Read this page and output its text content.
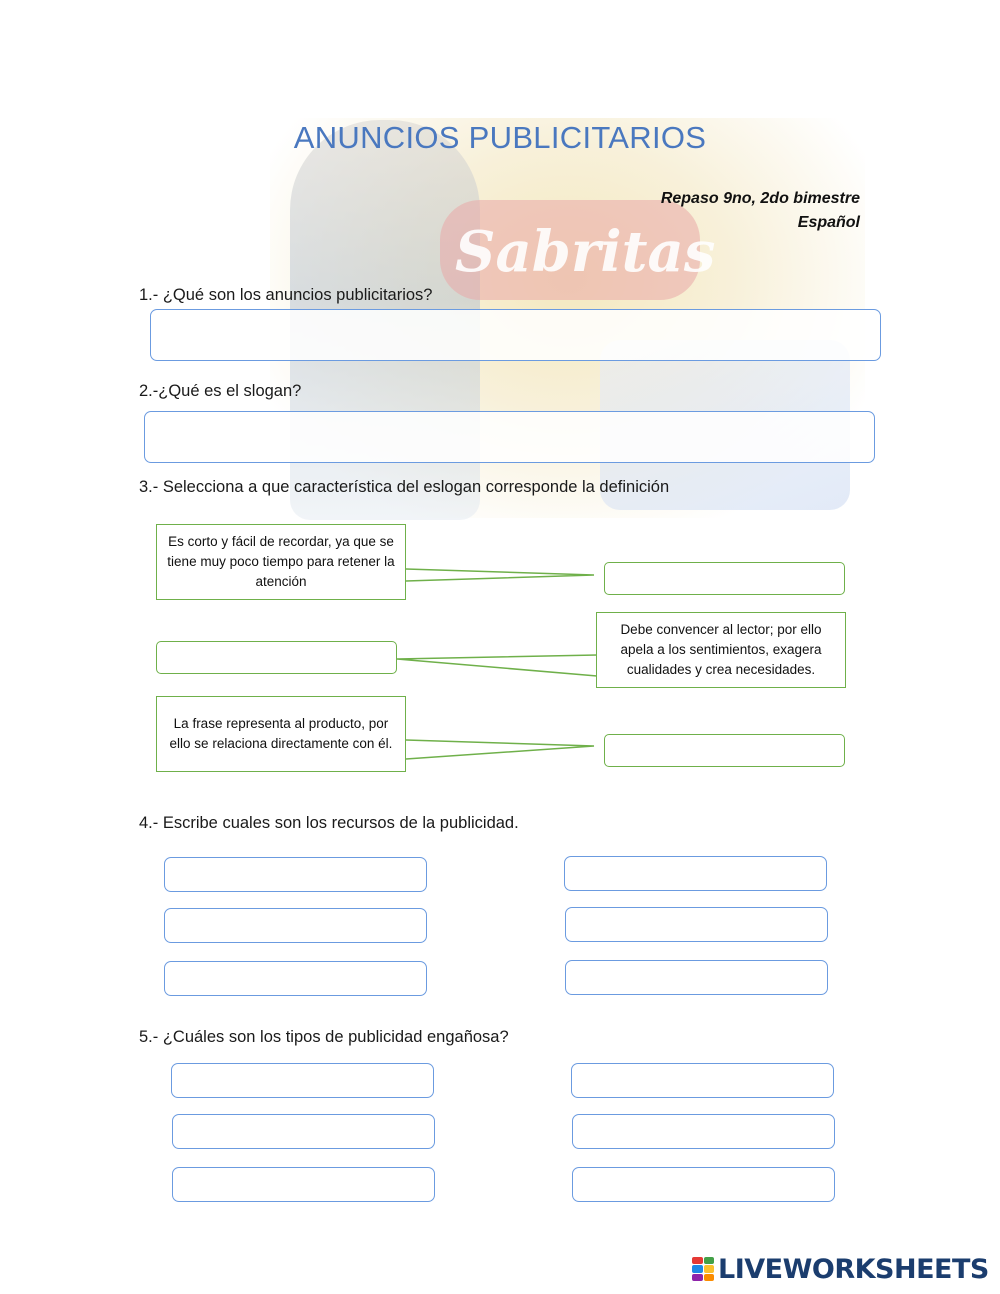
Sabritas
ANUNCIOS PUBLICITARIOS
Repaso 9no, 2do bimestre
Español
1.- ¿Qué son los anuncios publicitarios?
2.-¿Qué es el slogan?
3.- Selecciona a que característica del eslogan corresponde la definición
Es corto y fácil de recordar, ya que se tiene muy poco tiempo para retener la atención
Debe convencer al lector; por ello apela a los sentimientos, exagera cualidades y crea necesidades.
La frase representa al producto, por ello se relaciona directamente con él.
4.- Escribe cuales son los recursos de la publicidad.
5.- ¿Cuáles son los tipos de publicidad engañosa?
LIVEWORKSHEETS
